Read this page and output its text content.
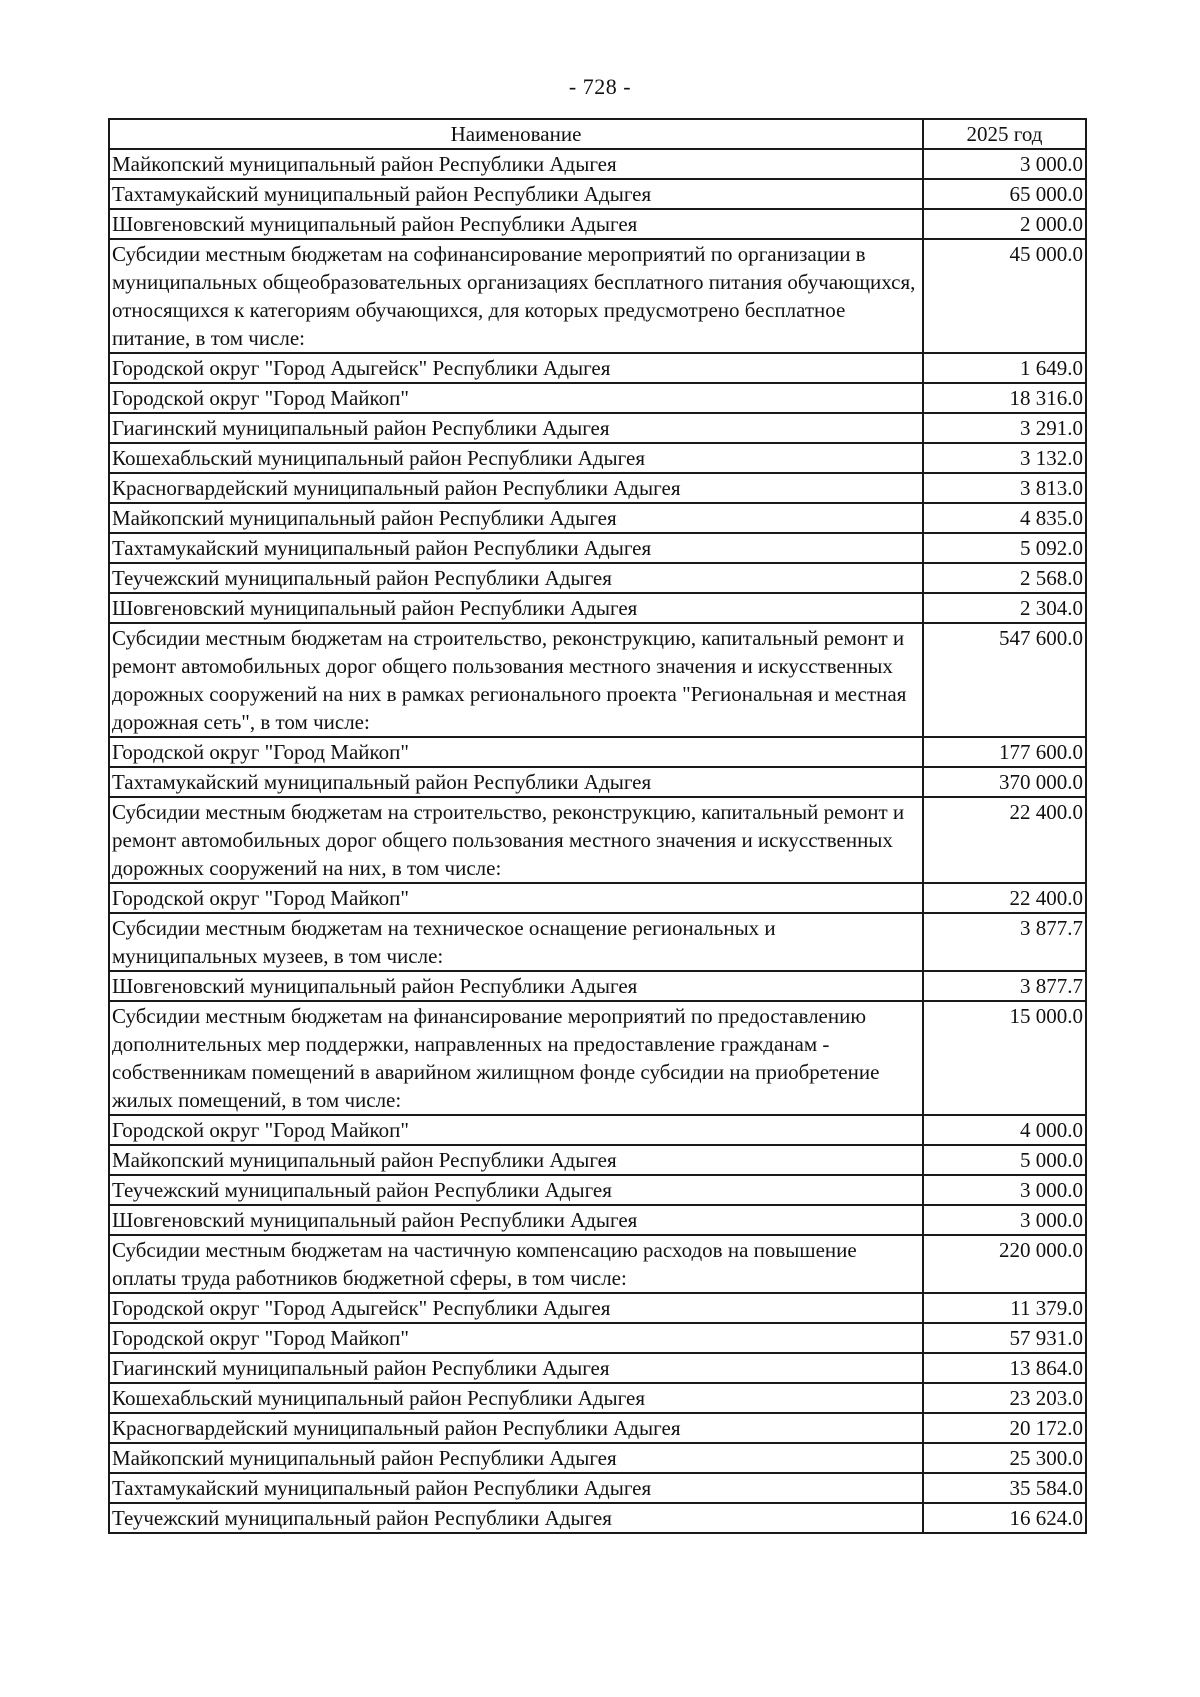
- 728 -
Наименование	2025 год
Майкопский муниципальный район Республики Адыгея	3 000.0
Тахтамукайский муниципальный район Республики Адыгея	65 000.0
Шовгеновский муниципальный район Республики Адыгея	2 000.0
Субсидии местным бюджетам на софинансирование мероприятий по организации в муниципальных общеобразовательных организациях бесплатного питания обучающихся, относящихся к категориям обучающихся, для которых предусмотрено бесплатное питание, в том числе:	45 000.0
Городской округ "Город Адыгейск" Республики Адыгея	1 649.0
Городской округ "Город Майкоп"	18 316.0
Гиагинский муниципальный район Республики Адыгея	3 291.0
Кошехабльский муниципальный район Республики Адыгея	3 132.0
Красногвардейский муниципальный район Республики Адыгея	3 813.0
Майкопский муниципальный район Республики Адыгея	4 835.0
Тахтамукайский муниципальный район Республики Адыгея	5 092.0
Теучежский муниципальный район Республики Адыгея	2 568.0
Шовгеновский муниципальный район Республики Адыгея	2 304.0
Субсидии местным бюджетам на строительство, реконструкцию, капитальный ремонт и ремонт автомобильных дорог общего пользования местного значения и искусственных дорожных сооружений на них в рамках регионального проекта "Региональная и местная дорожная сеть", в том числе:	547 600.0
Городской округ "Город Майкоп"	177 600.0
Тахтамукайский муниципальный район Республики Адыгея	370 000.0
Субсидии местным бюджетам на строительство, реконструкцию, капитальный ремонт и ремонт автомобильных дорог общего пользования местного значения и искусственных дорожных сооружений на них, в том числе:	22 400.0
Городской округ "Город Майкоп"	22 400.0
Субсидии местным бюджетам на техническое оснащение региональных и муниципальных музеев, в том числе:	3 877.7
Шовгеновский муниципальный район Республики Адыгея	3 877.7
Субсидии местным бюджетам на финансирование мероприятий по предоставлению дополнительных мер поддержки, направленных на предоставление гражданам - собственникам помещений в аварийном жилищном фонде субсидии на приобретение жилых помещений, в том числе:	15 000.0
Городской округ "Город Майкоп"	4 000.0
Майкопский муниципальный район Республики Адыгея	5 000.0
Теучежский муниципальный район Республики Адыгея	3 000.0
Шовгеновский муниципальный район Республики Адыгея	3 000.0
Субсидии местным бюджетам на частичную компенсацию расходов на повышение оплаты труда работников бюджетной сферы, в том числе:	220 000.0
Городской округ "Город Адыгейск" Республики Адыгея	11 379.0
Городской округ "Город Майкоп"	57 931.0
Гиагинский муниципальный район Республики Адыгея	13 864.0
Кошехабльский муниципальный район Республики Адыгея	23 203.0
Красногвардейский муниципальный район Республики Адыгея	20 172.0
Майкопский муниципальный район Республики Адыгея	25 300.0
Тахтамукайский муниципальный район Республики Адыгея	35 584.0
Теучежский муниципальный район Республики Адыгея	16 624.0
